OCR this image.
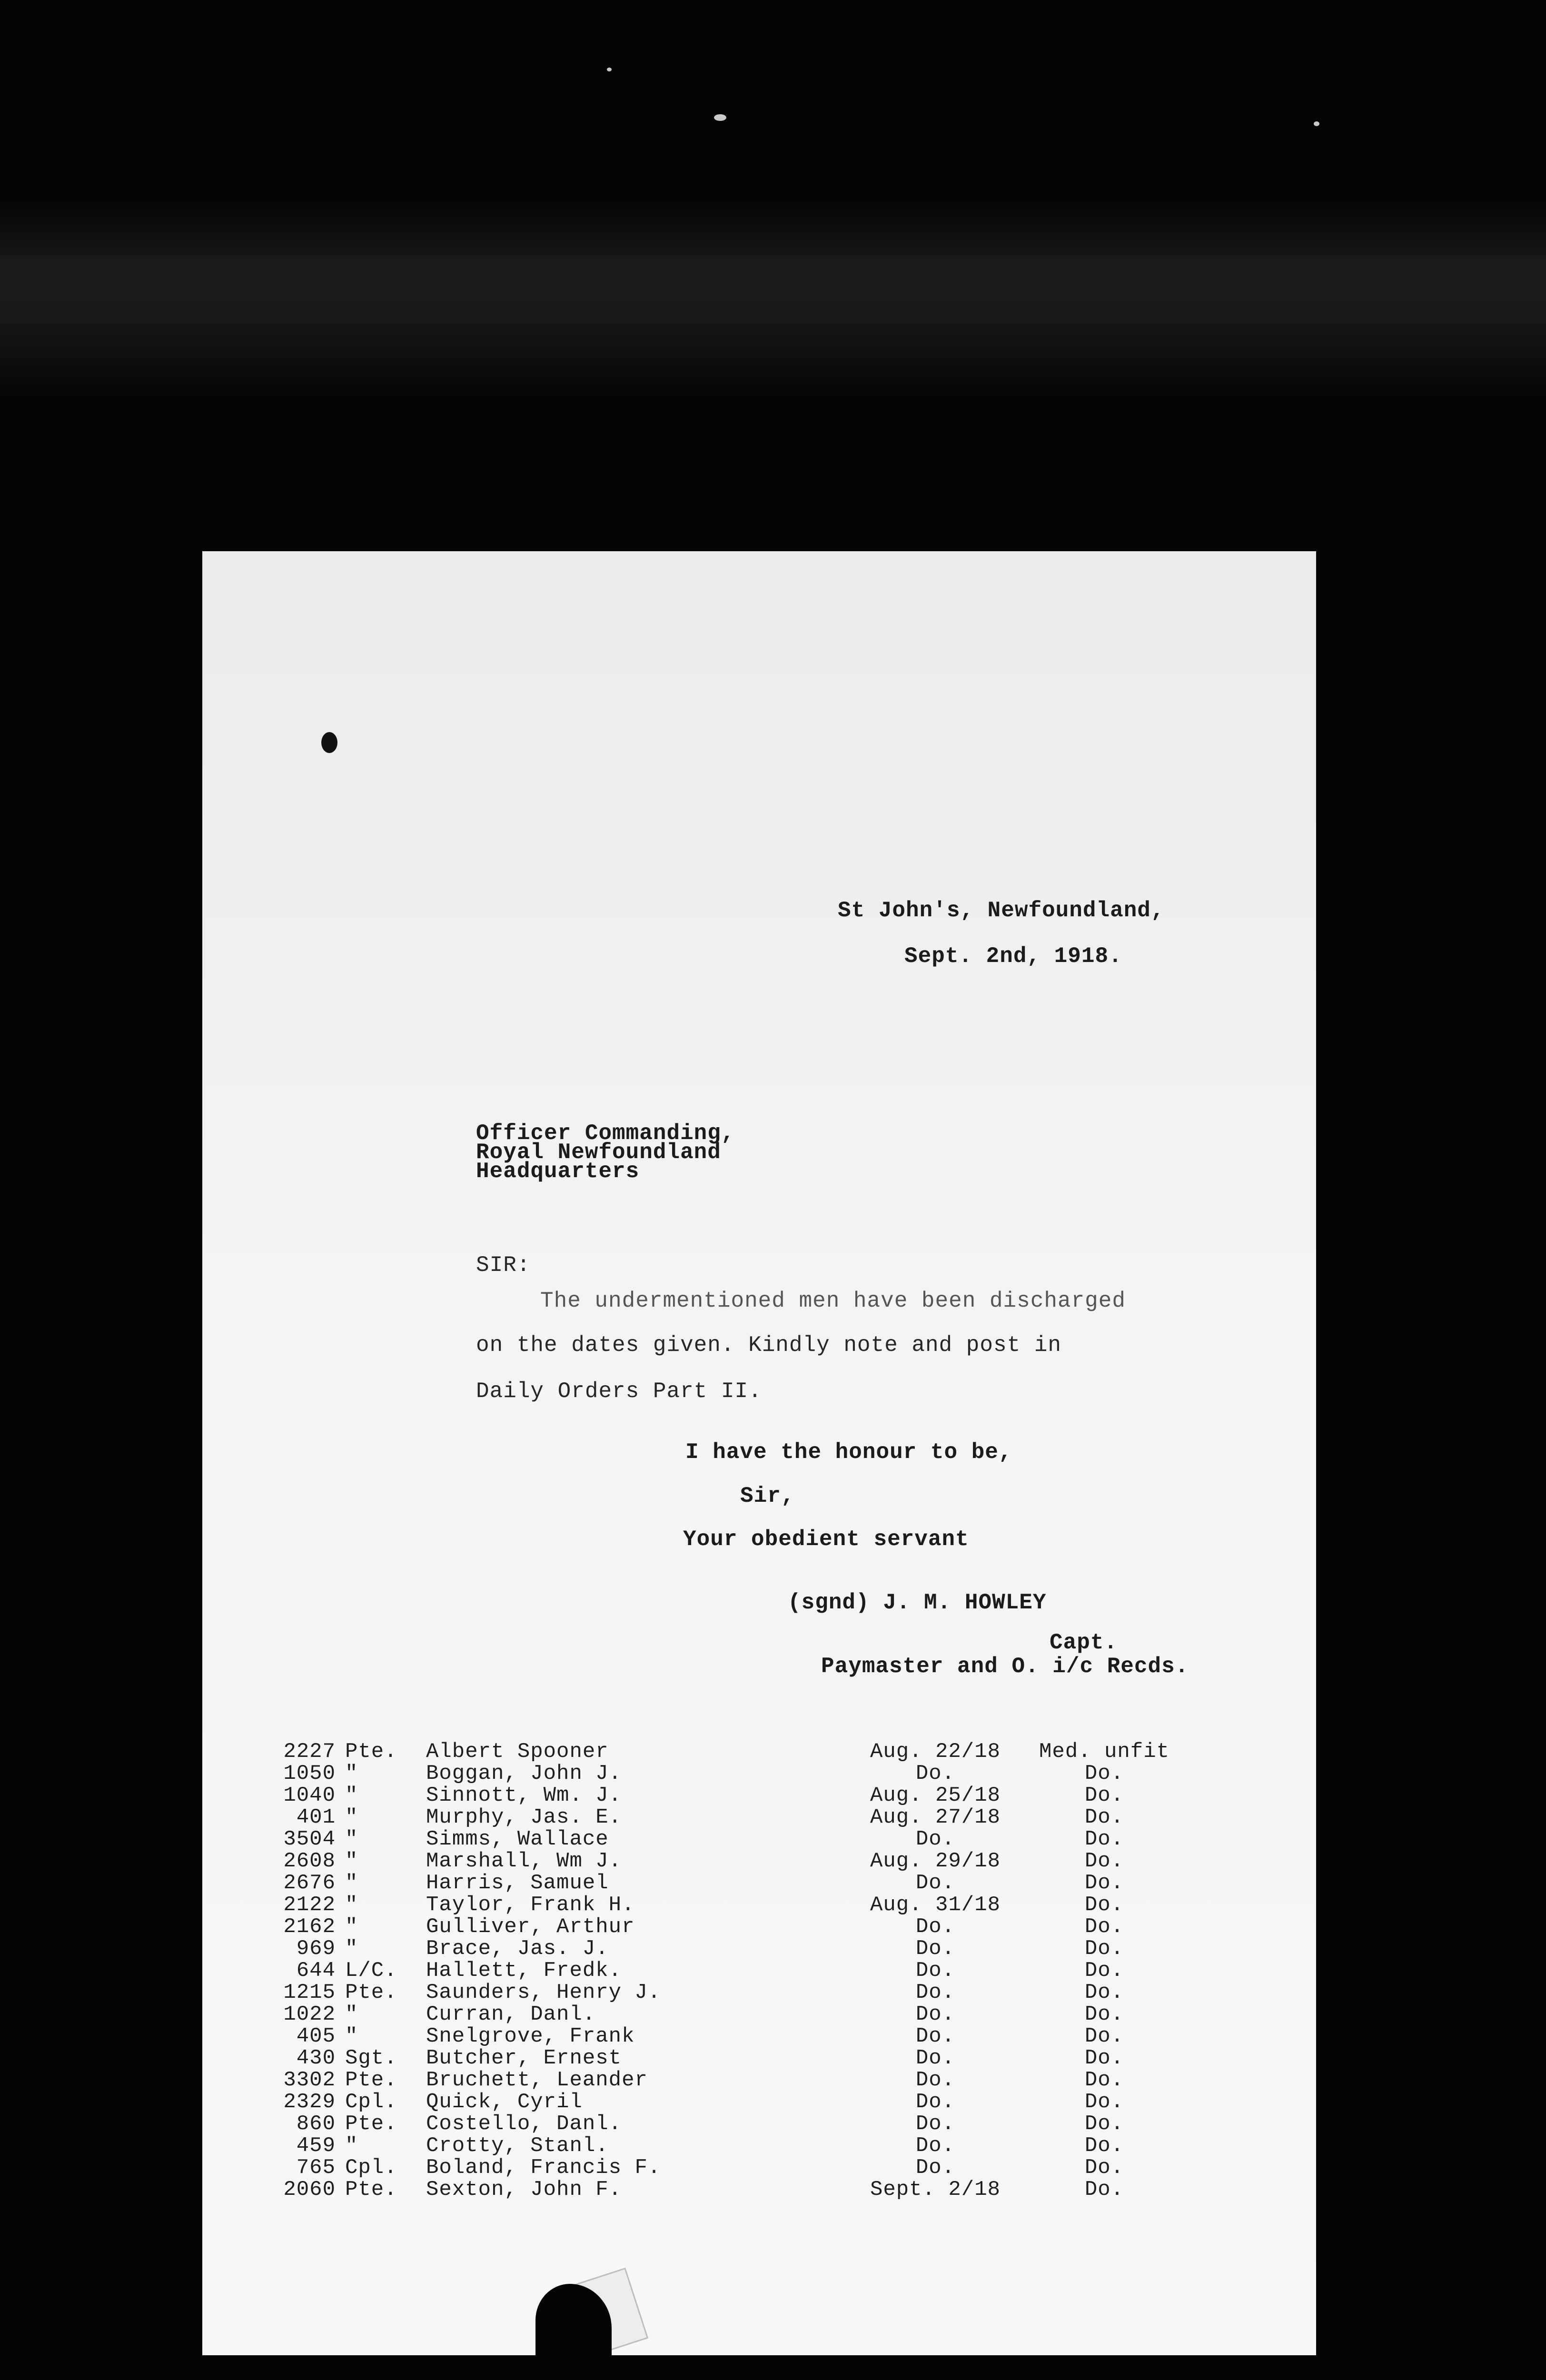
St John's, Newfoundland,
Sept. 2nd, 1918.
Officer Commanding,
Royal Newfoundland
Headquarters
SIR:
The undermentioned men have been discharged
on the dates given. Kindly note and post in
Daily Orders Part II.
I have the honour to be,
Sir,
Your obedient servant
(sgnd) J. M. HOWLEY
Capt.
Paymaster and O. i/c Recds.
2227 Pte. Albert Spooner	Aug. 22/18	Med. unfit
1050 "	Boggan, John J.	Do.	Do.
1040 "	Sinnott, Wm. J.	Aug. 25/18	Do.
401 "	Murphy, Jas. E.	Aug. 27/18	Do.
3504 "	Simms, Wallace	Do.	Do.
2608 "	Marshall, Wm J.	Aug. 29/18	Do.
2676 "	Harris, Samuel	Do.	Do.
2122 "	Taylor, Frank H.	Aug. 31/18	Do.
2162 "	Gulliver, Arthur	Do.	Do.
969 "	Brace, Jas. J.	Do.	Do.
644 L/C. Hallett, Fredk.	Do.	Do.
1215 Pte. Saunders, Henry J.	Do.	Do.
1022 "	Curran, Danl.	Do.	Do.
405 "	Snelgrove, Frank	Do.	Do.
430 Sgt. Butcher, Ernest	Do.	Do.
3302 Pte. Bruchett, Leander	Do.	Do.
2329 Cpl. Quick, Cyril	Do.	Do.
860 Pte. Costello, Danl.	Do.	Do.
459 "	Crotty, Stanl.	Do.	Do.
765 Cpl. Boland, Francis F.	Do.	Do.
2060 Pte. Sexton, John F.	Sept. 2/18	Do.
